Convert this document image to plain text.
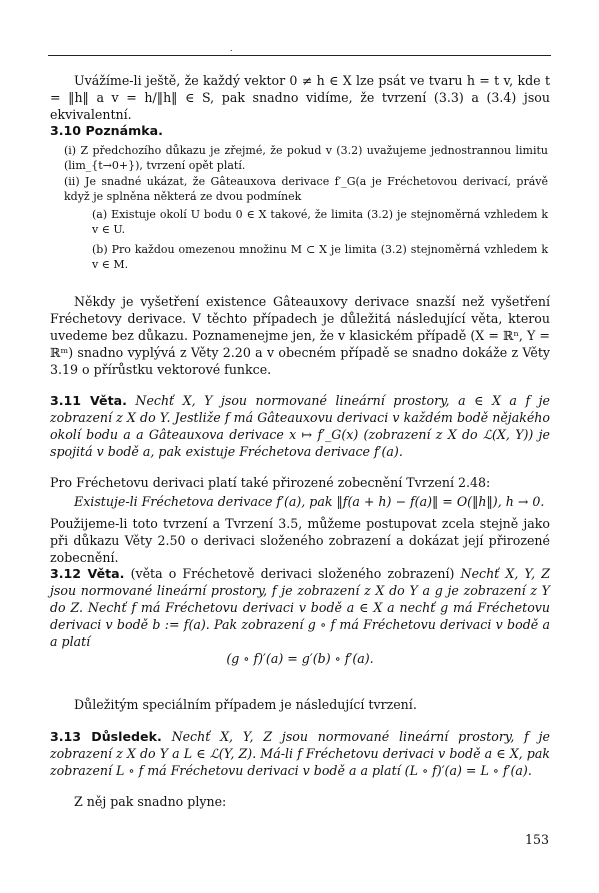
.

Uvážíme-li ještě, že každý vektor 0 ≠ h ∈ X lze psát ve tvaru h = t v, kde t = ‖h‖ a v = h/‖h‖ ∈ S, pak snadno vidíme, že tvrzení (3.3) a (3.4) jsou ekvivalentní.

3.10 Poznámka.

(i) Z předchozího důkazu je zřejmé, že pokud v (3.2) uvažujeme jednostrannou limitu (lim_{t→0+}), tvrzení opět platí.

(ii) Je snadné ukázat, že Gâteauxova derivace f′_G(a je Fréchetovou derivací, právě když je splněna některá ze dvou podmínek

(a) Existuje okolí U bodu 0 ∈ X takové, že limita (3.2) je stejnoměrná vzhledem k v ∈ U.

(b) Pro každou omezenou množinu M ⊂ X je limita (3.2) stejnoměrná vzhledem k v ∈ M.

Někdy je vyšetření existence Gâteauxovy derivace snazší než vyšetření Fréchetovy derivace. V těchto případech je důležitá následující věta, kterou uvedeme bez důkazu. Poznamenejme jen, že v klasickém případě (X = ℝⁿ, Y = ℝᵐ) snadno vyplývá z Věty 2.20 a v obecném případě se snadno dokáže z Věty 3.19 o přírůstku vektorové funkce.

3.11 Věta. Nechť X, Y jsou normované lineární prostory, a ∈ X a f je zobrazení z X do Y. Jestliže f má Gâteauxovu derivaci v každém bodě nějakého okolí bodu a a Gâteauxova derivace x ↦ f′_G(x) (zobrazení z X do ℒ(X, Y)) je spojitá v bodě a, pak existuje Fréchetova derivace f′(a).

Pro Fréchetovu derivaci platí také přirozené zobecnění Tvrzení 2.48:

Existuje-li Fréchetova derivace f′(a), pak ‖f(a + h) − f(a)‖ = O(‖h‖), h → 0.

Použijeme-li toto tvrzení a Tvrzení 3.5, můžeme postupovat zcela stejně jako při důkazu Věty 2.50 o derivaci složeného zobrazení a dokázat její přirozené zobecnění.

3.12 Věta. (věta o Fréchetově derivaci složeného zobrazení) Nechť X, Y, Z jsou normované lineární prostory, f je zobrazení z X do Y a g je zobrazení z Y do Z. Nechť f má Fréchetovu derivaci v bodě a ∈ X a nechť g má Fréchetovu derivaci v bodě b := f(a). Pak zobrazení g ∘ f má Fréchetovu derivaci v bodě a a platí

(g ∘ f)′(a) = g′(b) ∘ f′(a).

Důležitým speciálním případem je následující tvrzení.

3.13 Důsledek. Nechť X, Y, Z jsou normované lineární prostory, f je zobrazení z X do Y a L ∈ ℒ(Y, Z). Má-li f Fréchetovu derivaci v bodě a ∈ X, pak zobrazení L ∘ f má Fréchetovu derivaci v bodě a a platí (L ∘ f)′(a) = L ∘ f′(a).

Z něj pak snadno plyne:

153
